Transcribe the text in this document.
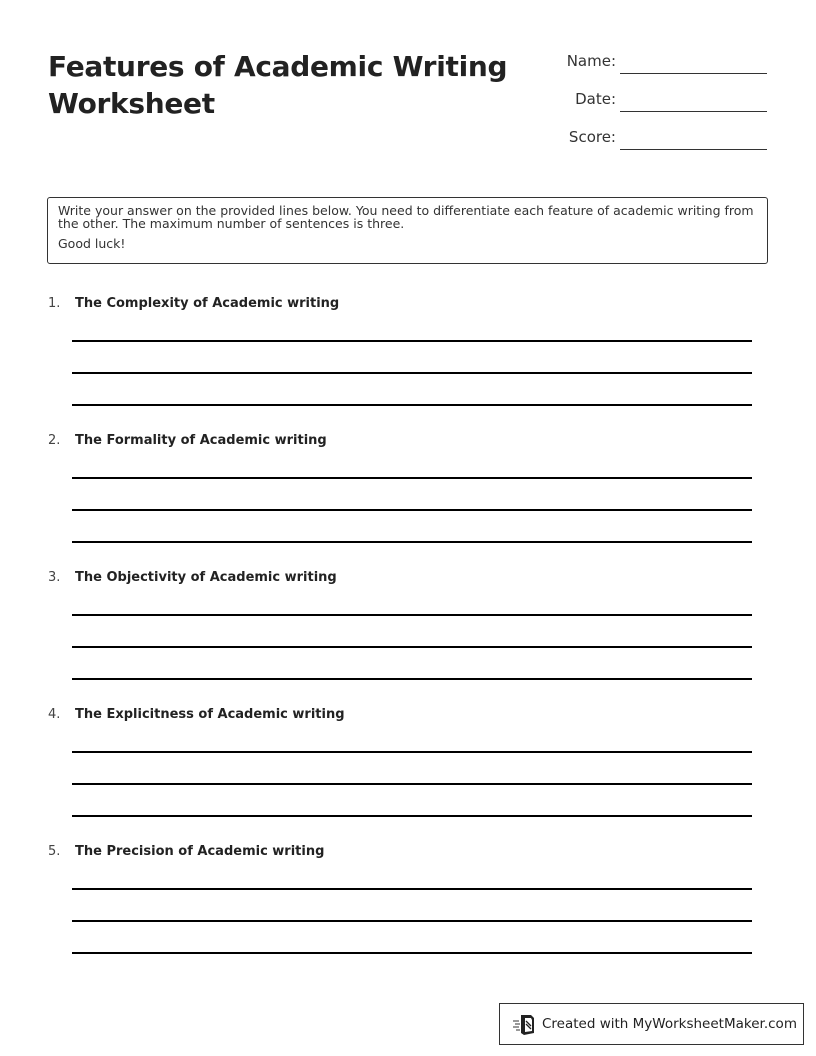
Features of Academic Writing Worksheet
Name:
Date:
Score:

Write your answer on the provided lines below. You need to differentiate each feature of academic writing from the other. The maximum number of sentences is three.

Good luck!

1. The Complexity of Academic writing
2. The Formality of Academic writing
3. The Objectivity of Academic writing
4. The Explicitness of Academic writing
5. The Precision of Academic writing
Created with MyWorksheetMaker.com
